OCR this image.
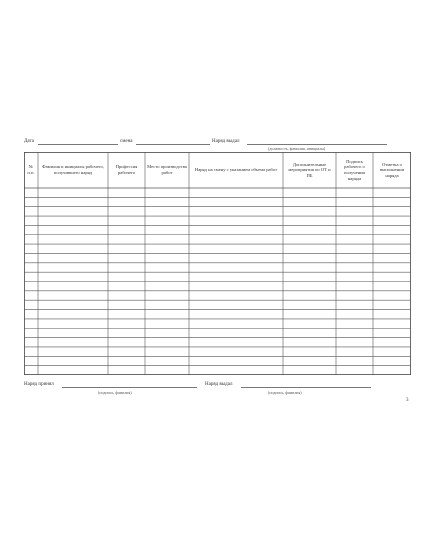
Дата	смена	Наряд выдал
(должность, фамилия, инициалы)
№ п.п.
Фамилия и инициалы рабочего, получившего наряд
Профессия рабочего
Место производства работ
Наряд на смену с указанием объема работ
Дополнительные мероприятия по ОТ и ПБ
Подпись рабочего о получении наряда
Отметка о выполнении наряда
Наряд принял
(подпись, фамилия)
Наряд выдал
(подпись, фамилия)
3
